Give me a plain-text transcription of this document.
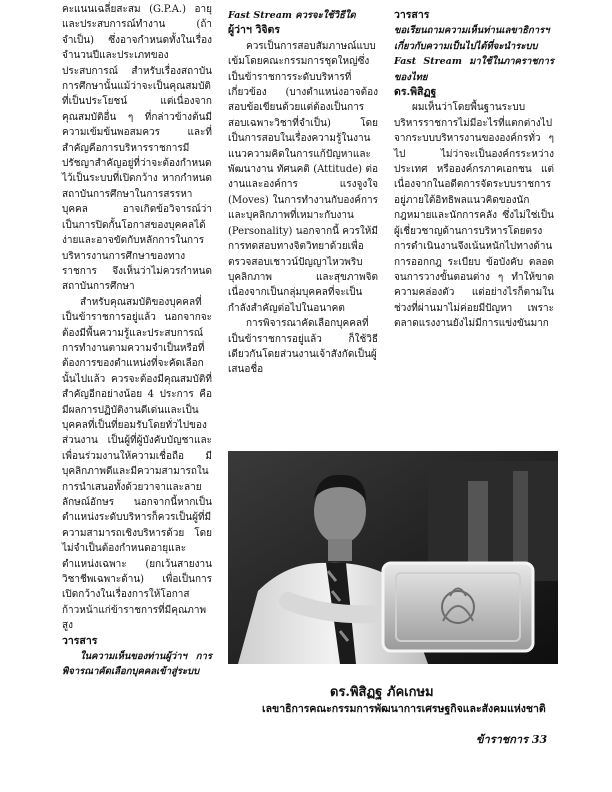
คะแนนเฉลี่ยสะสม (G.P.A.) อายุ และประสบการณ์ทำงาน (ถ้าจำเป็น) ซึ่งอาจกำหนดทั้งในเรื่องจำนวนปีและประเภทของประสบการณ์ สำหรับเรื่องสถาบันการศึกษานั้นแม้ว่าจะเป็นคุณสมบัติที่เป็นประโยชน์ แต่เนื่องจากคุณสมบัติอื่น ๆ ที่กล่าวข้างต้นมีความเข้มข้นพอสมควร และที่สำคัญคือการบริหารราชการมีปรัชญาสำคัญอยู่ที่ว่าจะต้องกำหนดไว้เป็นระบบที่เปิดกว้าง หากกำหนดสถาบันการศึกษาในการสรรหาบุคคล อาจเกิดข้อวิจารณ์ว่าเป็นการปิดกั้นโอกาสของบุคคลได้ง่ายและอาจขัดกับหลักการในการบริหารงานการศึกษาของทางราชการ จึงเห็นว่าไม่ควรกำหนดสถาบันการศึกษา

สำหรับคุณสมบัติของบุคคลที่เป็นข้าราชการอยู่แล้ว นอกจากจะต้องมีพื้นความรู้และประสบการณ์การทำงานตามความจำเป็นหรือที่ต้องการของตำแหน่งที่จะคัดเลือกนั้นไปแล้ว ควรจะต้องมีคุณสมบัติที่สำคัญอีกอย่างน้อย 4 ประการ คือ มีผลการปฏิบัติงานดีเด่นและเป็นบุคคลที่เป็นที่ยอมรับโดยทั่วไปของส่วนงาน เป็นผู้ที่ผู้บังคับบัญชาและเพื่อนร่วมงานให้ความเชื่อถือ มีบุคลิกภาพดีและมีความสามารถในการนำเสนอทั้งด้วยวาจาและลายลักษณ์อักษร นอกจากนี้หากเป็นตำแหน่งระดับบริหารก็ควรเป็นผู้ที่มีความสามารถเชิงบริหารด้วย โดยไม่จำเป็นต้องกำหนดอายุและตำแหน่งเฉพาะ (ยกเว้นสายงาน วิชาชีพเฉพาะด้าน) เพื่อเป็นการเปิดกว้างในเรื่องการให้โอกาสก้าวหน้าแก่ข้าราชการที่มีคุณภาพสูง

วารสาร

ในความเห็นของท่านผู้ว่าฯ การพิจารณาคัดเลือกบุคคลเข้าสู่ระบบ

Fast Stream ควรจะใช้วิธีใด

ผู้ว่าฯ วิจิตร

ควรเป็นการสอบสัมภาษณ์แบบเข้มโดยคณะกรรมการชุดใหญ่ซึ่งเป็นข้าราชการระดับบริหารที่เกี่ยวข้อง (บางตำแหน่งอาจต้องสอบข้อเขียนด้วยแต่ต้องเป็นการสอบเฉพาะวิชาที่จำเป็น) โดยเป็นการสอบในเรื่องความรู้ในงาน แนวความคิดในการแก้ปัญหาและพัฒนางาน ทัศนคติ (Attitude) ต่องานและองค์การ แรงจูงใจ (Moves) ในการทำงานกับองค์การและบุคลิกภาพที่เหมาะกับงาน (Personality) นอกจากนี้ ควรให้มีการทดสอบทางจิตวิทยาด้วยเพื่อตรวจสอบเชาวน์ปัญญาไหวพริบ บุคลิกภาพ และสุขภาพจิต เนื่องจากเป็นกลุ่มบุคคลที่จะเป็นกำลังสำคัญต่อไปในอนาคต

การพิจารณาคัดเลือกบุคคลที่เป็นข้าราชการอยู่แล้ว ก็ใช้วิธีเดียวกันโดยส่วนงานเจ้าสังกัดเป็นผู้เสนอชื่อ

วารสาร

ขอเรียนถามความเห็นท่านเลขาธิการฯ เกี่ยวกับความเป็นไปได้ที่จะนำระบบ Fast Stream มาใช้ในภาคราชการของไทย

ดร.พิสิฏฐ

ผมเห็นว่าโดยพื้นฐานระบบบริหารราชการไม่มีอะไรที่แตกต่างไปจากระบบบริหารงานขององค์กรทั่ว ๆ ไป ไม่ว่าจะเป็นองค์กรระหว่างประเทศ หรือองค์กรภาคเอกชน แต่เนื่องจากในอดีตการจัดระบบราชการอยู่ภายใต้อิทธิพลแนวคิดของนักกฎหมายและนักการคลัง ซึ่งไม่ใช่เป็นผู้เชี่ยวชาญด้านการบริหารโดยตรง การดำเนินงานจึงเน้นหนักไปทางด้านการออกกฎ ระเบียบ ข้อบังคับ ตลอดจนการวางขั้นตอนต่าง ๆ ทำให้ขาดความคล่องตัว แต่อย่างไรก็ตามในช่วงที่ผ่านมาไม่ค่อยมีปัญหา เพราะตลาดแรงงานยังไม่มีการแข่งขันมาก

ดร.พิสิฏฐ ภัคเกษม
เลขาธิการคณะกรรมการพัฒนาการเศรษฐกิจและสังคมแห่งชาติ
ข้าราชการ 33
